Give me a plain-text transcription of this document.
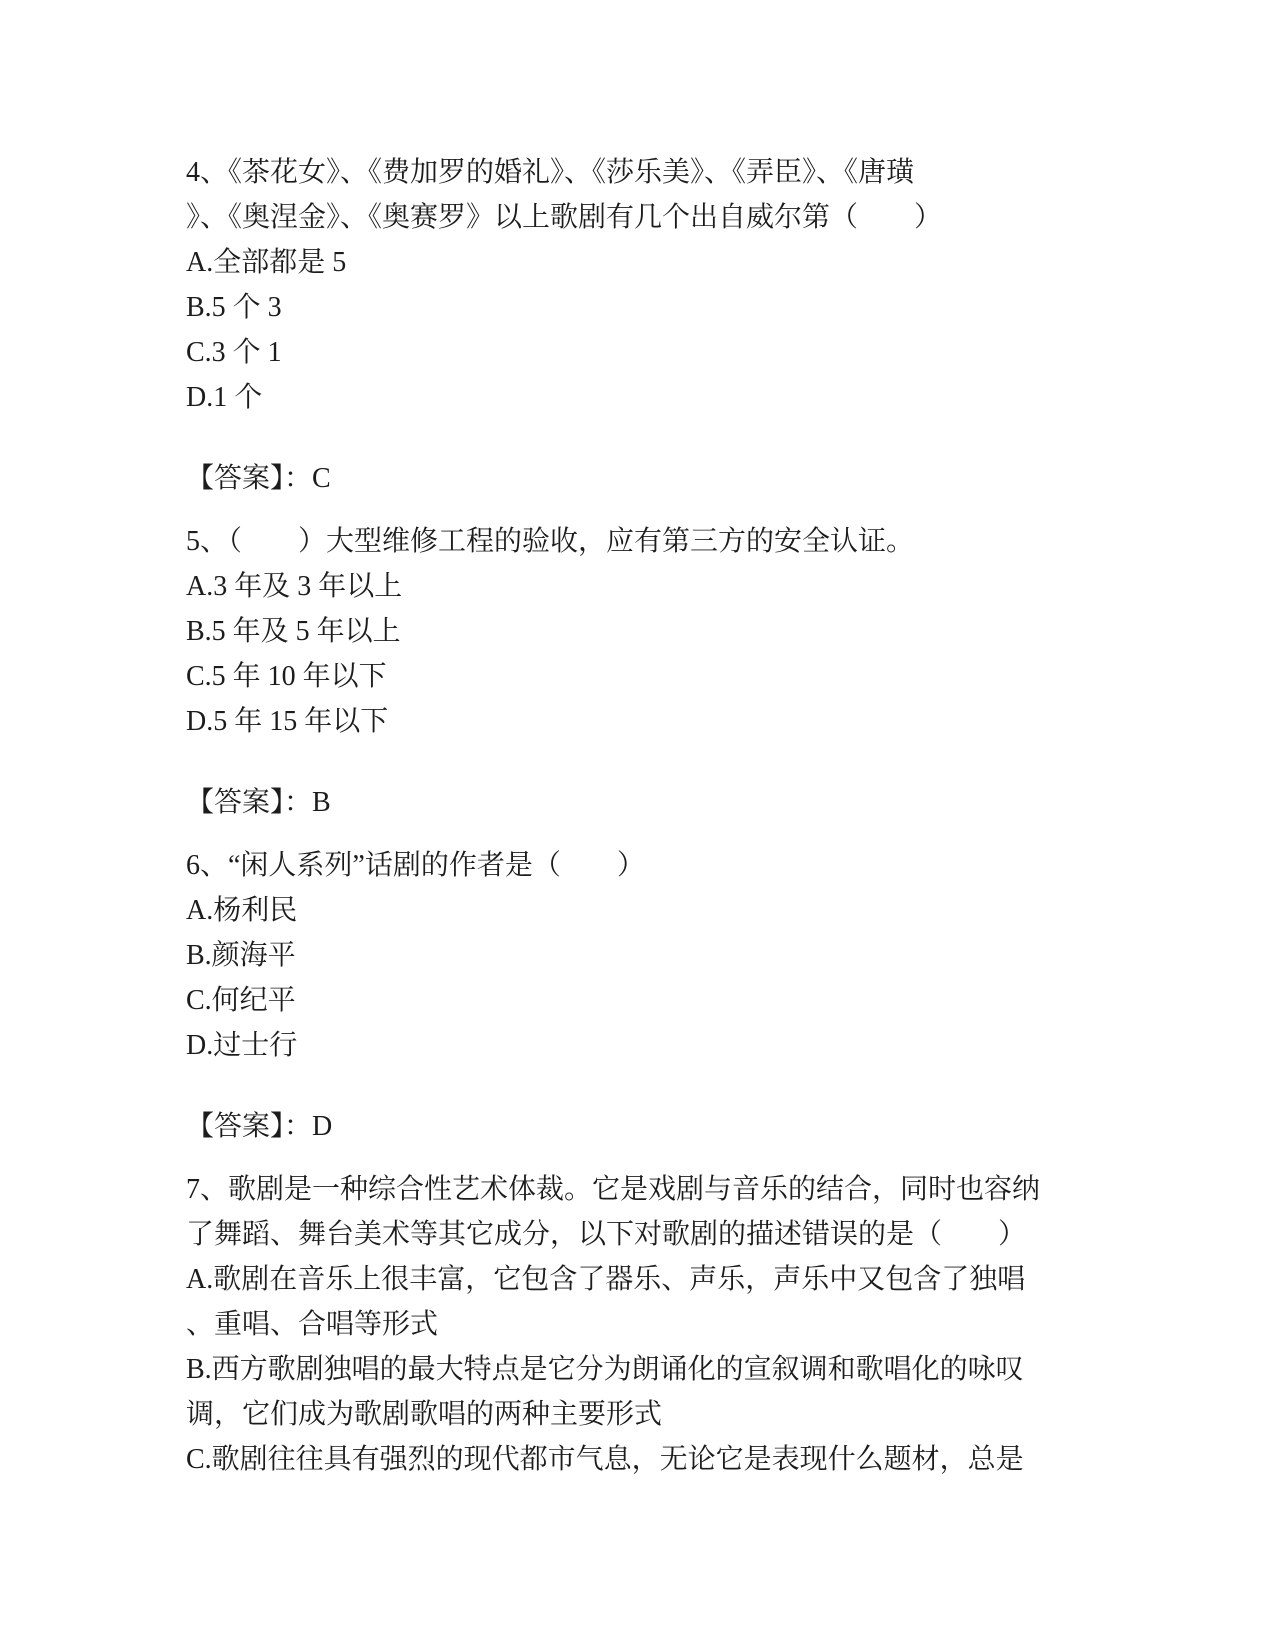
4、《茶花女》、《费加罗的婚礼》、《莎乐美》、《弄臣》、《唐璜

》、《奥涅金》、《奥赛罗》以上歌剧有几个出自威尔第（　　）

A.全部都是 5

B.5 个 3

C.3 个 1

D.1 个

【答案】：C

5、（　　）大型维修工程的验收，应有第三方的安全认证。

A.3 年及 3 年以上

B.5 年及 5 年以上

C.5 年 10 年以下

D.5 年 15 年以下

【答案】：B

6、“闲人系列”话剧的作者是（　　）

A.杨利民

B.颜海平

C.何纪平

D.过士行

【答案】：D

7、歌剧是一种综合性艺术体裁。它是戏剧与音乐的结合，同时也容纳

了舞蹈、舞台美术等其它成分，以下对歌剧的描述错误的是（　　）

A.歌剧在音乐上很丰富，它包含了器乐、声乐，声乐中又包含了独唱

、重唱、合唱等形式

B.西方歌剧独唱的最大特点是它分为朗诵化的宣叙调和歌唱化的咏叹

调，它们成为歌剧歌唱的两种主要形式

C.歌剧往往具有强烈的现代都市气息，无论它是表现什么题材，总是
